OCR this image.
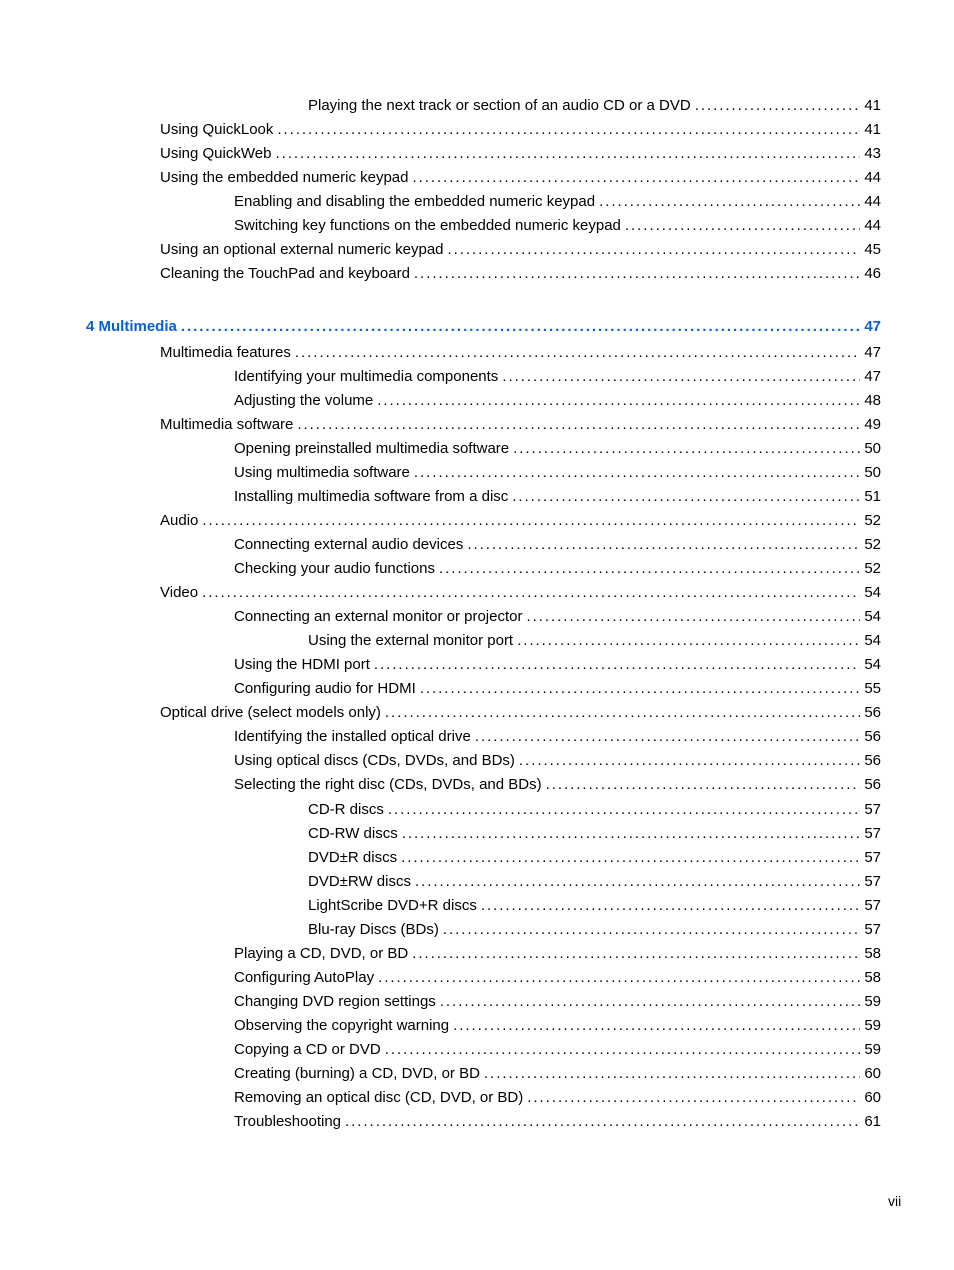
Playing the next track or section of an audio CD or a DVD . . .	41
Using QuickLook . . .	41
Using QuickWeb . . .	43
Using the embedded numeric keypad . . .	44
Enabling and disabling the embedded numeric keypad . . .	44
Switching key functions on the embedded numeric keypad . . .	44
Using an optional external numeric keypad . . .	45
Cleaning the TouchPad and keyboard . . .	46
4 Multimedia . . .	47
Multimedia features . . .	47
Identifying your multimedia components . . .	47
Adjusting the volume . . .	48
Multimedia software . . .	49
Opening preinstalled multimedia software . . .	50
Using multimedia software . . .	50
Installing multimedia software from a disc . . .	51
Audio . . .	52
Connecting external audio devices . . .	52
Checking your audio functions . . .	52
Video . . .	54
Connecting an external monitor or projector . . .	54
Using the external monitor port . . .	54
Using the HDMI port . . .	54
Configuring audio for HDMI . . .	55
Optical drive (select models only) . . .	56
Identifying the installed optical drive . . .	56
Using optical discs (CDs, DVDs, and BDs) . . .	56
Selecting the right disc (CDs, DVDs, and BDs) . . .	56
CD-R discs . . .	57
CD-RW discs . . .	57
DVD±R discs . . .	57
DVD±RW discs . . .	57
LightScribe DVD+R discs . . .	57
Blu-ray Discs (BDs) . . .	57
Playing a CD, DVD, or BD . . .	58
Configuring AutoPlay . . .	58
Changing DVD region settings . . .	59
Observing the copyright warning . . .	59
Copying a CD or DVD . . .	59
Creating (burning) a CD, DVD, or BD . . .	60
Removing an optical disc (CD, DVD, or BD) . . .	60
Troubleshooting . . .	61
vii
